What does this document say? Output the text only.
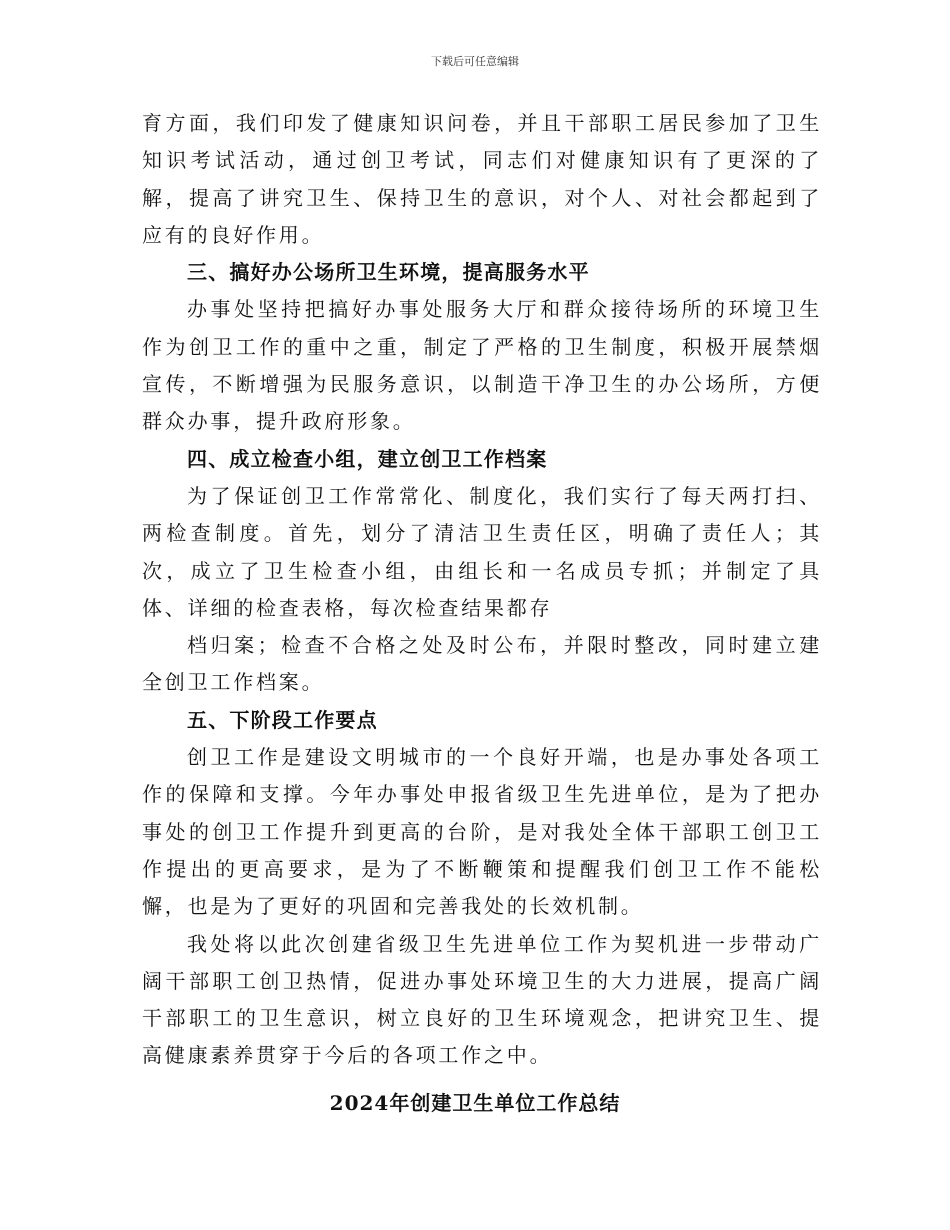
下载后可任意编辑

育方面，我们印发了健康知识问卷，并且干部职工居民参加了卫生知识考试活动，通过创卫考试，同志们对健康知识有了更深的了解，提高了讲究卫生、保持卫生的意识，对个人、对社会都起到了应有的良好作用。

三、搞好办公场所卫生环境，提高服务水平

办事处坚持把搞好办事处服务大厅和群众接待场所的环境卫生作为创卫工作的重中之重，制定了严格的卫生制度，积极开展禁烟宣传，不断增强为民服务意识，以制造干净卫生的办公场所，方便群众办事，提升政府形象。

四、成立检查小组，建立创卫工作档案

为了保证创卫工作常常化、制度化，我们实行了每天两打扫、两检查制度。首先，划分了清洁卫生责任区，明确了责任人；其次，成立了卫生检查小组，由组长和一名成员专抓；并制定了具体、详细的检查表格，每次检查结果都存

档归案；检查不合格之处及时公布，并限时整改，同时建立建全创卫工作档案。

五、下阶段工作要点

创卫工作是建设文明城市的一个良好开端，也是办事处各项工作的保障和支撑。今年办事处申报省级卫生先进单位，是为了把办事处的创卫工作提升到更高的台阶，是对我处全体干部职工创卫工作提出的更高要求，是为了不断鞭策和提醒我们创卫工作不能松懈，也是为了更好的巩固和完善我处的长效机制。

我处将以此次创建省级卫生先进单位工作为契机进一步带动广阔干部职工创卫热情，促进办事处环境卫生的大力进展，提高广阔干部职工的卫生意识，树立良好的卫生环境观念，把讲究卫生、提高健康素养贯穿于今后的各项工作之中。

2024年创建卫生单位工作总结
